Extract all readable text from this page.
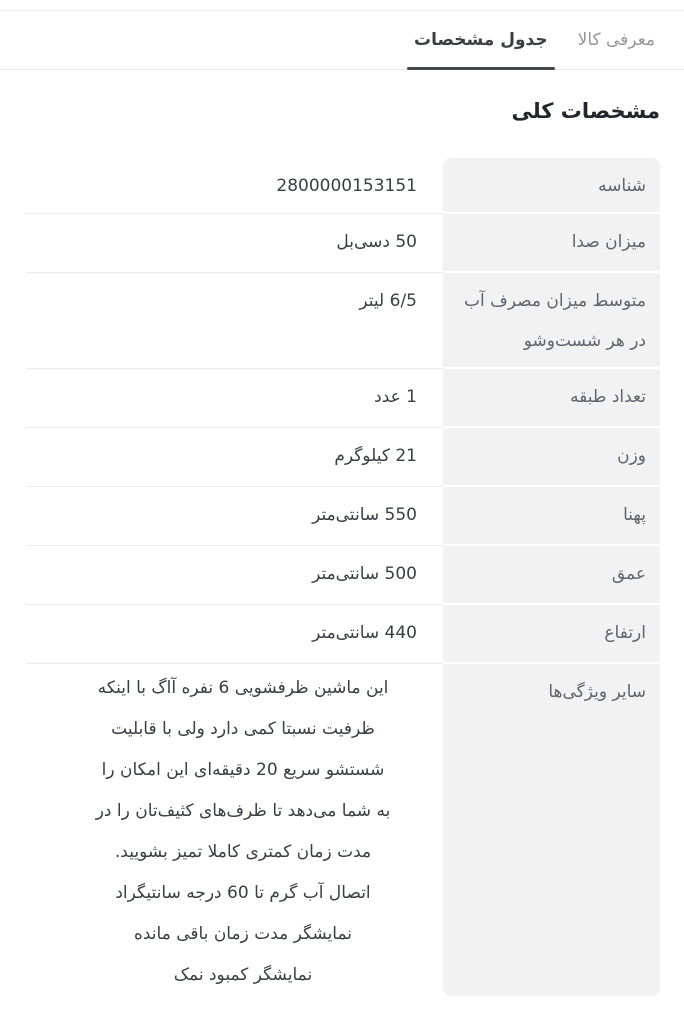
معرفی کالا
جدول مشخصات
مشخصات کلی
شناسه
2800000153151
میزان صدا
50 دسی‌بل
متوسط میزان مصرف آب در هر شست‌وشو
6/5 لیتر
تعداد طبقه
1 عدد
وزن
21 کیلوگرم
پهنا
550 سانتی‌متر
عمق
500 سانتی‌متر
ارتفاع
440 سانتی‌متر
سایر ویژگی‌ها
این ماشین ظرفشویی 6 نفره آاگ با اینکه
ظرفیت نسبتا کمی دارد ولی با قابلیت
شستشو سریع 20 دقیقه‌ای این امکان را
به شما می‌دهد تا ظرف‌های کثیف‌تان را در
مدت زمان کمتری کاملا تمیز بشویید.
اتصال آب گرم تا 60 درجه سانتیگراد
نمایشگر مدت زمان باقی مانده
نمایشگر کمبود نمک
